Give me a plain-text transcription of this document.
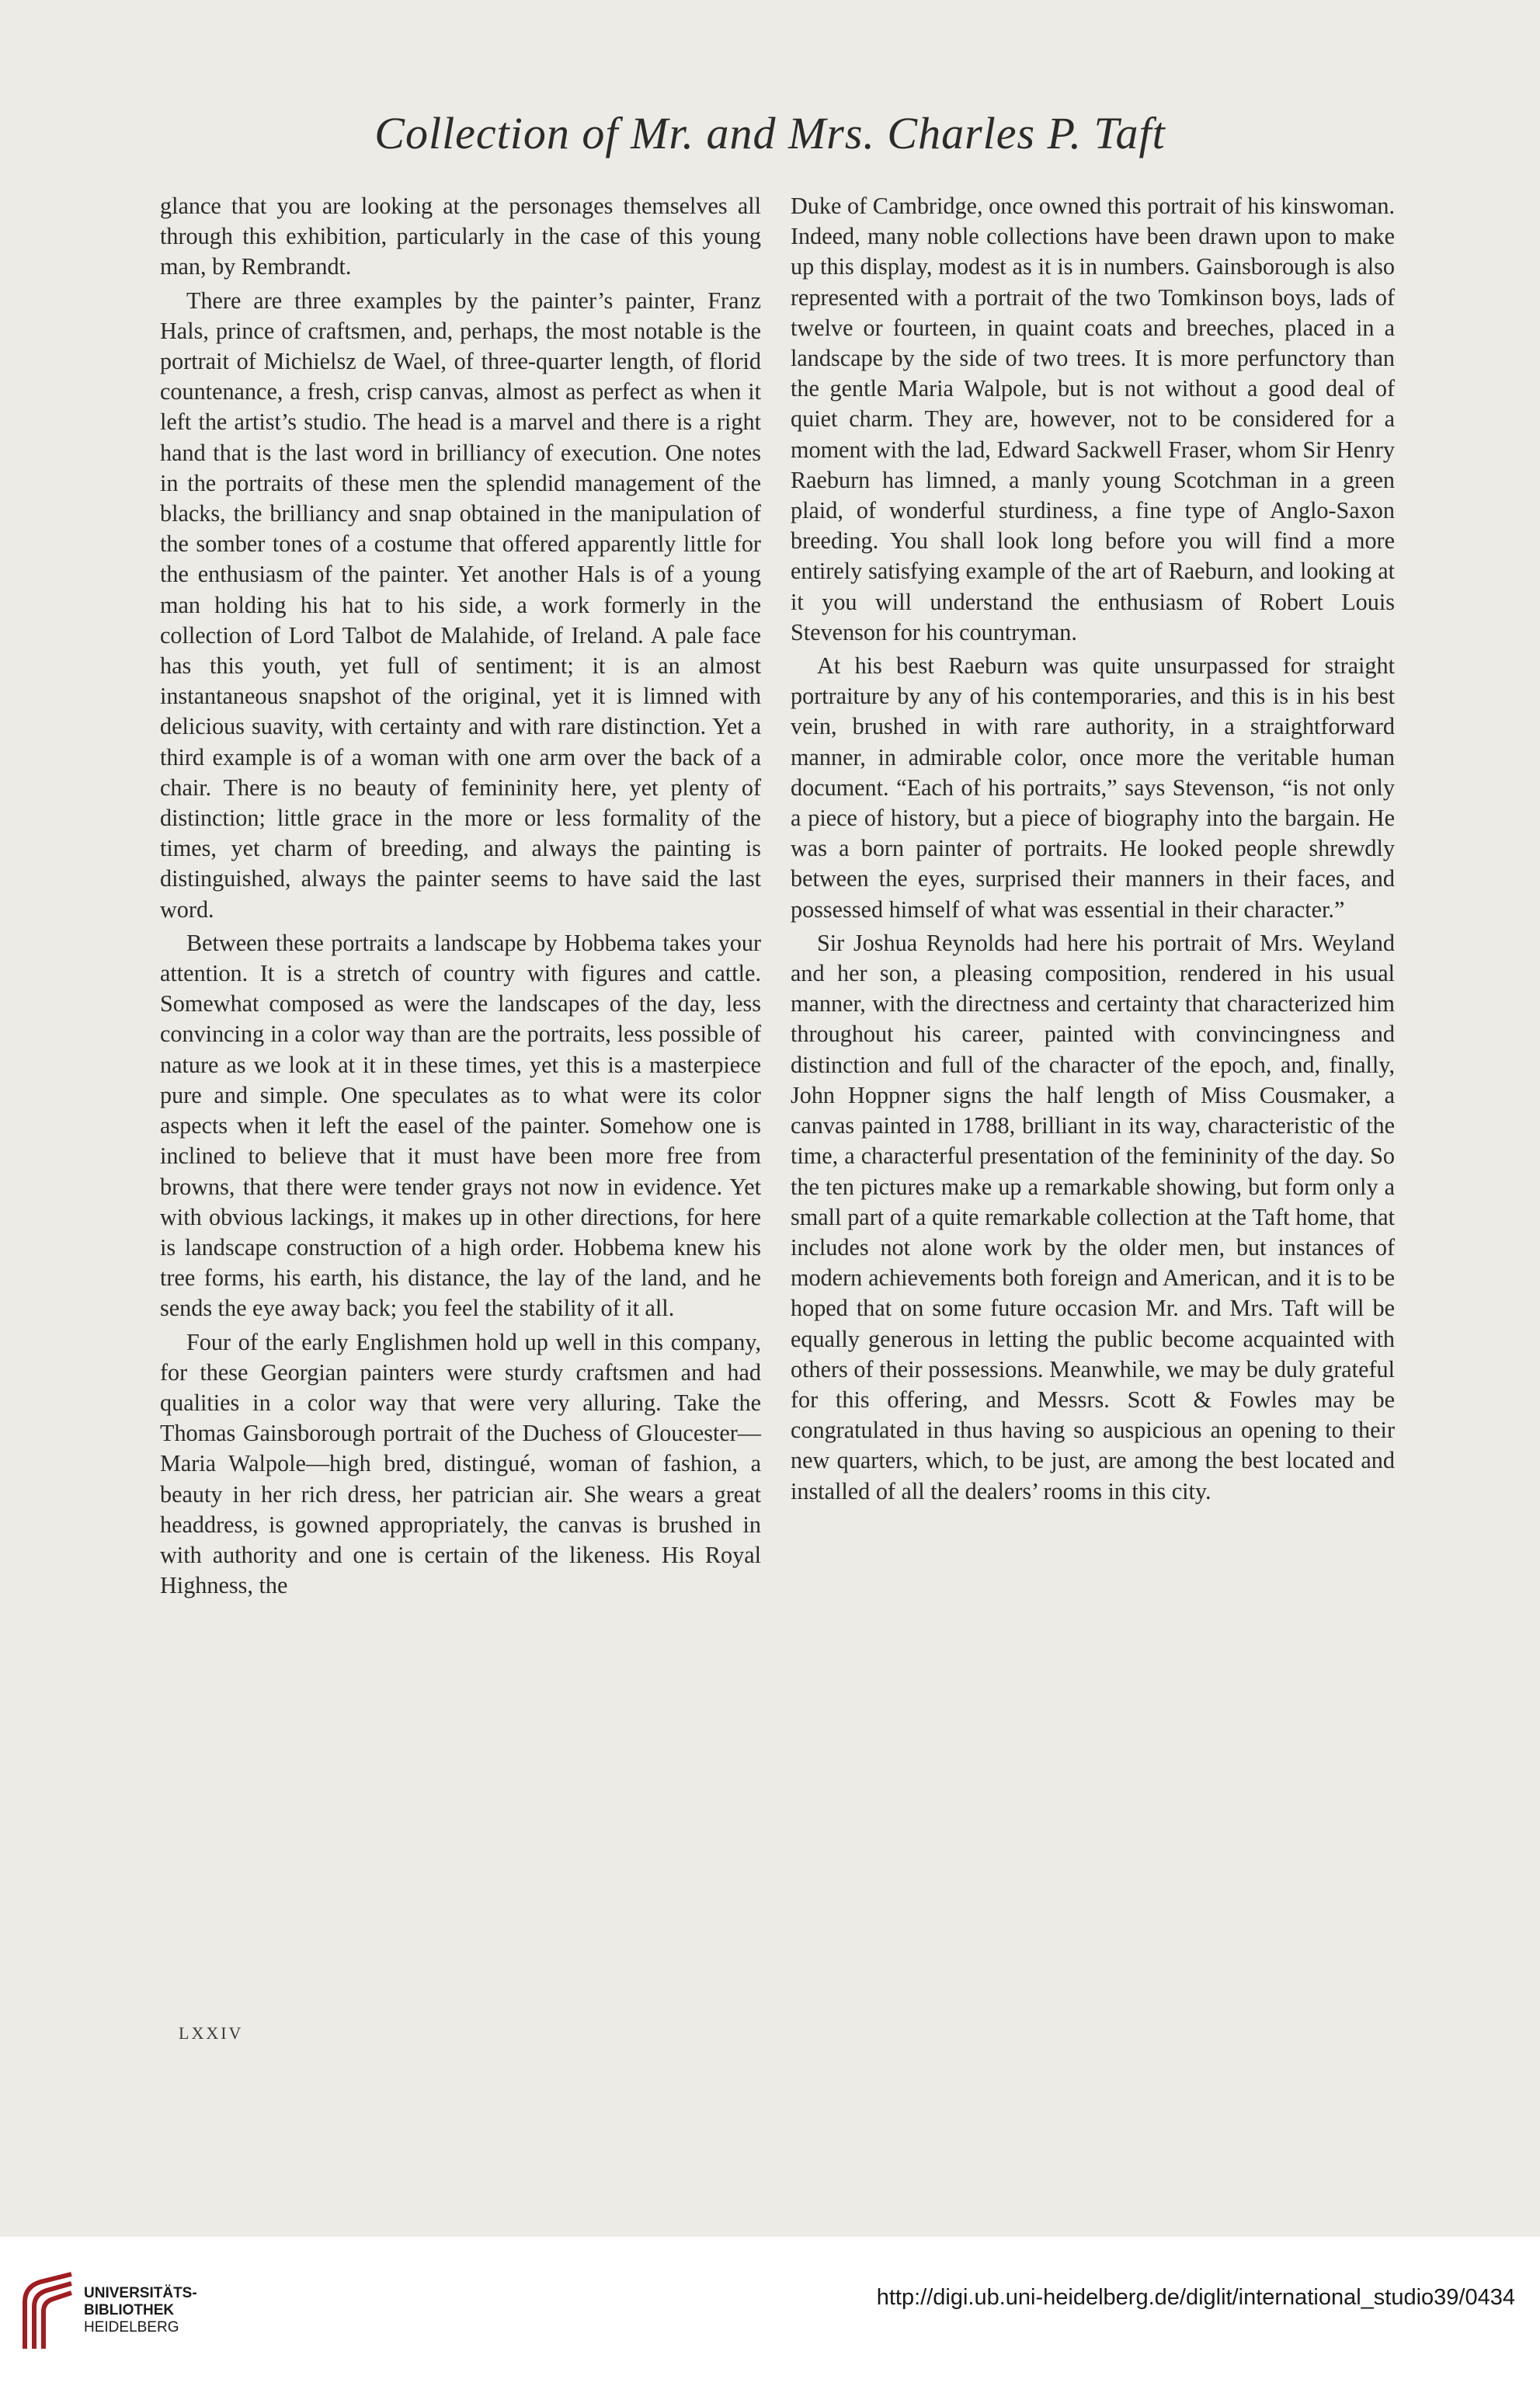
Collection of Mr. and Mrs. Charles P. Taft

glance that you are looking at the personages themselves all through this exhibition, particularly in the case of this young man, by Rembrandt.

There are three examples by the painter’s painter, Franz Hals, prince of craftsmen, and, perhaps, the most notable is the portrait of Michielsz de Wael, of three-quarter length, of florid countenance, a fresh, crisp canvas, almost as perfect as when it left the artist’s studio. The head is a marvel and there is a right hand that is the last word in brilliancy of execution. One notes in the portraits of these men the splendid management of the blacks, the brilliancy and snap obtained in the manipulation of the somber tones of a costume that offered apparently little for the enthusiasm of the painter. Yet another Hals is of a young man holding his hat to his side, a work formerly in the collection of Lord Talbot de Malahide, of Ireland. A pale face has this youth, yet full of sentiment; it is an almost instantaneous snapshot of the original, yet it is limned with delicious suavity, with certainty and with rare distinction. Yet a third example is of a woman with one arm over the back of a chair. There is no beauty of femininity here, yet plenty of distinction; little grace in the more or less formality of the times, yet charm of breeding, and always the painting is distinguished, always the painter seems to have said the last word.

Between these portraits a landscape by Hobbema takes your attention. It is a stretch of country with figures and cattle. Somewhat composed as were the landscapes of the day, less convincing in a color way than are the portraits, less possible of nature as we look at it in these times, yet this is a masterpiece pure and simple. One speculates as to what were its color aspects when it left the easel of the painter. Somehow one is inclined to believe that it must have been more free from browns, that there were tender grays not now in evidence. Yet with obvious lackings, it makes up in other directions, for here is landscape construction of a high order. Hobbema knew his tree forms, his earth, his distance, the lay of the land, and he sends the eye away back; you feel the stability of it all.

Four of the early Englishmen hold up well in this company, for these Georgian painters were sturdy craftsmen and had qualities in a color way that were very alluring. Take the Thomas Gainsborough portrait of the Duchess of Gloucester—Maria Walpole—high bred, distingué, woman of fashion, a beauty in her rich dress, her patrician air. She wears a great headdress, is gowned appropriately, the canvas is brushed in with authority and one is certain of the likeness. His Royal Highness, the

Duke of Cambridge, once owned this portrait of his kinswoman. Indeed, many noble collections have been drawn upon to make up this display, modest as it is in numbers. Gainsborough is also represented with a portrait of the two Tomkinson boys, lads of twelve or fourteen, in quaint coats and breeches, placed in a landscape by the side of two trees. It is more perfunctory than the gentle Maria Walpole, but is not without a good deal of quiet charm. They are, however, not to be considered for a moment with the lad, Edward Sackwell Fraser, whom Sir Henry Raeburn has limned, a manly young Scotchman in a green plaid, of wonderful sturdiness, a fine type of Anglo-Saxon breeding. You shall look long before you will find a more entirely satisfying example of the art of Raeburn, and looking at it you will understand the enthusiasm of Robert Louis Stevenson for his countryman.

At his best Raeburn was quite unsurpassed for straight portraiture by any of his contemporaries, and this is in his best vein, brushed in with rare authority, in a straightforward manner, in admirable color, once more the veritable human document. “Each of his portraits,” says Stevenson, “is not only a piece of history, but a piece of biography into the bargain. He was a born painter of portraits. He looked people shrewdly between the eyes, surprised their manners in their faces, and possessed himself of what was essential in their character.”

Sir Joshua Reynolds had here his portrait of Mrs. Weyland and her son, a pleasing composition, rendered in his usual manner, with the directness and certainty that characterized him throughout his career, painted with convincingness and distinction and full of the character of the epoch, and, finally, John Hoppner signs the half length of Miss Cousmaker, a canvas painted in 1788, brilliant in its way, characteristic of the time, a characterful presentation of the femininity of the day. So the ten pictures make up a remarkable showing, but form only a small part of a quite remarkable collection at the Taft home, that includes not alone work by the older men, but instances of modern achievements both foreign and American, and it is to be hoped that on some future occasion Mr. and Mrs. Taft will be equally generous in letting the public become acquainted with others of their possessions. Meanwhile, we may be duly grateful for this offering, and Messrs. Scott & Fowles may be congratulated in thus having so auspicious an opening to their new quarters, which, to be just, are among the best located and installed of all the dealers’ rooms in this city.

LXXIV
UNIVERSITÄTS-
BIBLIOTHEK
HEIDELBERG
http://digi.ub.uni-heidelberg.de/diglit/international_studio39/0434
